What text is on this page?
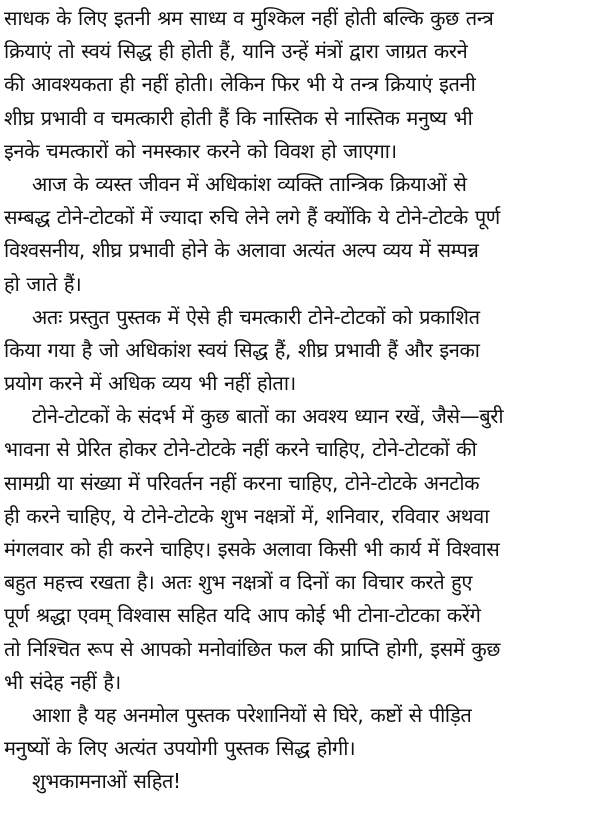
साधक के लिए इतनी श्रम साध्य व मुश्किल नहीं होती बल्कि कुछ तन्त्र
क्रियाएं तो स्वयं सिद्ध ही होती हैं, यानि उन्हें मंत्रों द्वारा जाग्रत करने
की आवश्यकता ही नहीं होती। लेकिन फिर भी ये तन्त्र क्रियाएं इतनी
शीघ्र प्रभावी व चमत्कारी होती हैं कि नास्तिक से नास्तिक मनुष्य भी
इनके चमत्कारों को नमस्कार करने को विवश हो जाएगा।
आज के व्यस्त जीवन में अधिकांश व्यक्ति तान्त्रिक क्रियाओं से
सम्बद्ध टोने-टोटकों में ज्यादा रुचि लेने लगे हैं क्योंकि ये टोने-टोटके पूर्ण
विश्वसनीय, शीघ्र प्रभावी होने के अलावा अत्यंत अल्प व्यय में सम्पन्न
हो जाते हैं।
अतः प्रस्तुत पुस्तक में ऐसे ही चमत्कारी टोने-टोटकों को प्रकाशित
किया गया है जो अधिकांश स्वयं सिद्ध हैं, शीघ्र प्रभावी हैं और इनका
प्रयोग करने में अधिक व्यय भी नहीं होता।
टोने-टोटकों के संदर्भ में कुछ बातों का अवश्य ध्यान रखें, जैसे—बुरी
भावना से प्रेरित होकर टोने-टोटके नहीं करने चाहिए, टोने-टोटकों की
सामग्री या संख्या में परिवर्तन नहीं करना चाहिए, टोने-टोटके अनटोक
ही करने चाहिए, ये टोने-टोटके शुभ नक्षत्रों में, शनिवार, रविवार अथवा
मंगलवार को ही करने चाहिए। इसके अलावा किसी भी कार्य में विश्वास
बहुत महत्त्व रखता है। अतः शुभ नक्षत्रों व दिनों का विचार करते हुए
पूर्ण श्रद्धा एवम् विश्वास सहित यदि आप कोई भी टोना-टोटका करेंगे
तो निश्चित रूप से आपको मनोवांछित फल की प्राप्ति होगी, इसमें कुछ
भी संदेह नहीं है।
आशा है यह अनमोल पुस्तक परेशानियों से घिरे, कष्टों से पीड़ित
मनुष्यों के लिए अत्यंत उपयोगी पुस्तक सिद्ध होगी।
शुभकामनाओं सहित!
